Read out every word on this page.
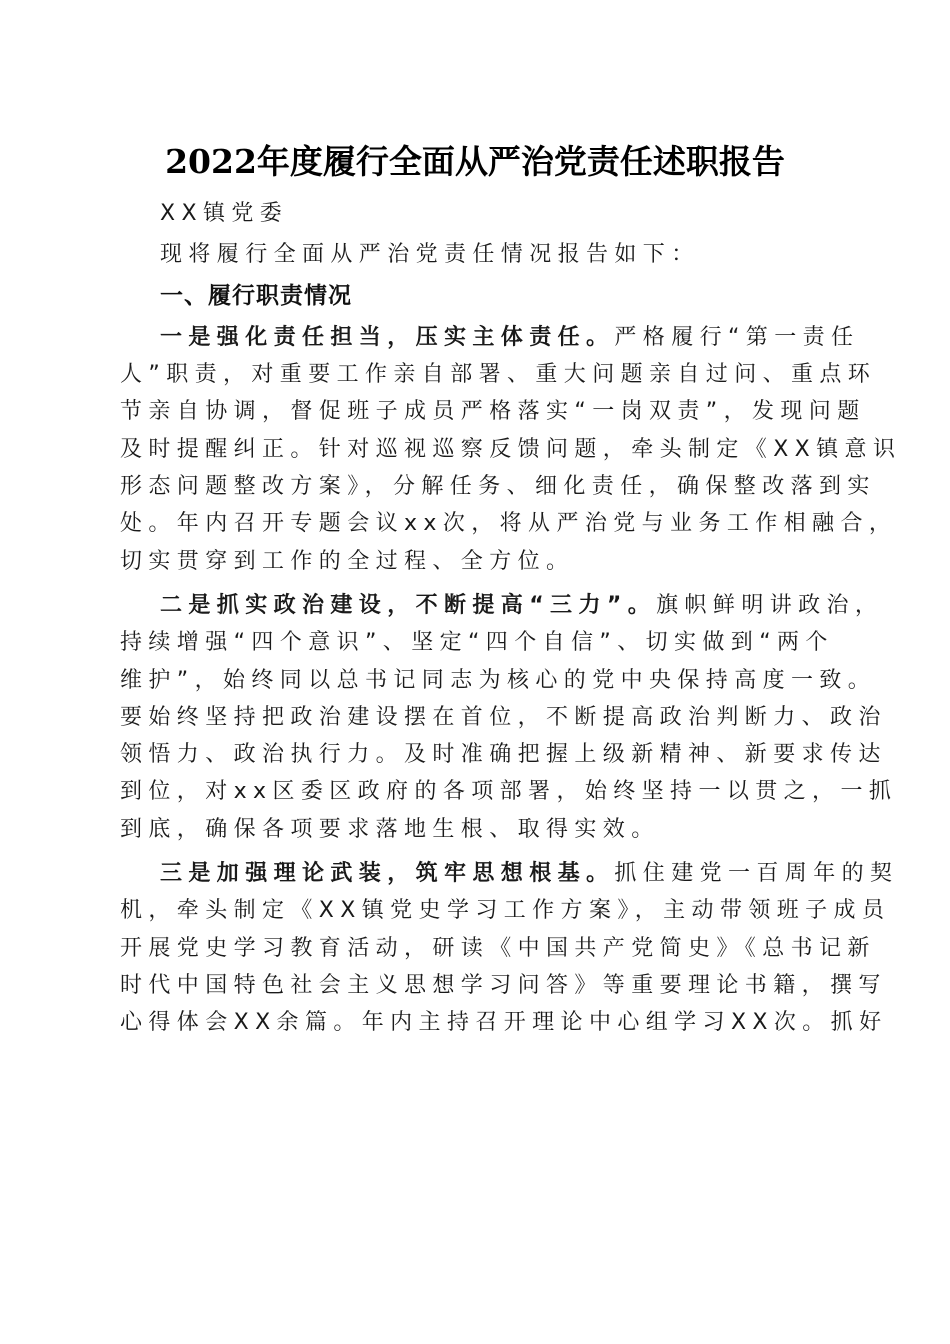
2022年度履行全面从严治党责任述职报告
XX镇党委
现将履行全面从严治党责任情况报告如下：
一、履行职责情况
一是强化责任担当，压实主体责任。严格履行“第一责任
人”职责，对重要工作亲自部署、重大问题亲自过问、重点环
节亲自协调，督促班子成员严格落实“一岗双责”，发现问题
及时提醒纠正。针对巡视巡察反馈问题，牵头制定《XX镇意识
形态问题整改方案》，分解任务、细化责任，确保整改落到实
处。年内召开专题会议xx次，将从严治党与业务工作相融合，
切实贯穿到工作的全过程、全方位。
二是抓实政治建设，不断提高“三力”。旗帜鲜明讲政治，
持续增强“四个意识”、坚定“四个自信”、切实做到“两个
维护”，始终同以总书记同志为核心的党中央保持高度一致。
要始终坚持把政治建设摆在首位，不断提高政治判断力、政治
领悟力、政治执行力。及时准确把握上级新精神、新要求传达
到位，对xx区委区政府的各项部署，始终坚持一以贯之，一抓
到底，确保各项要求落地生根、取得实效。
三是加强理论武装，筑牢思想根基。抓住建党一百周年的契
机，牵头制定《XX镇党史学习工作方案》，主动带领班子成员
开展党史学习教育活动，研读《中国共产党简史》《总书记新
时代中国特色社会主义思想学习问答》等重要理论书籍，撰写
心得体会XX余篇。年内主持召开理论中心组学习XX次。抓好
